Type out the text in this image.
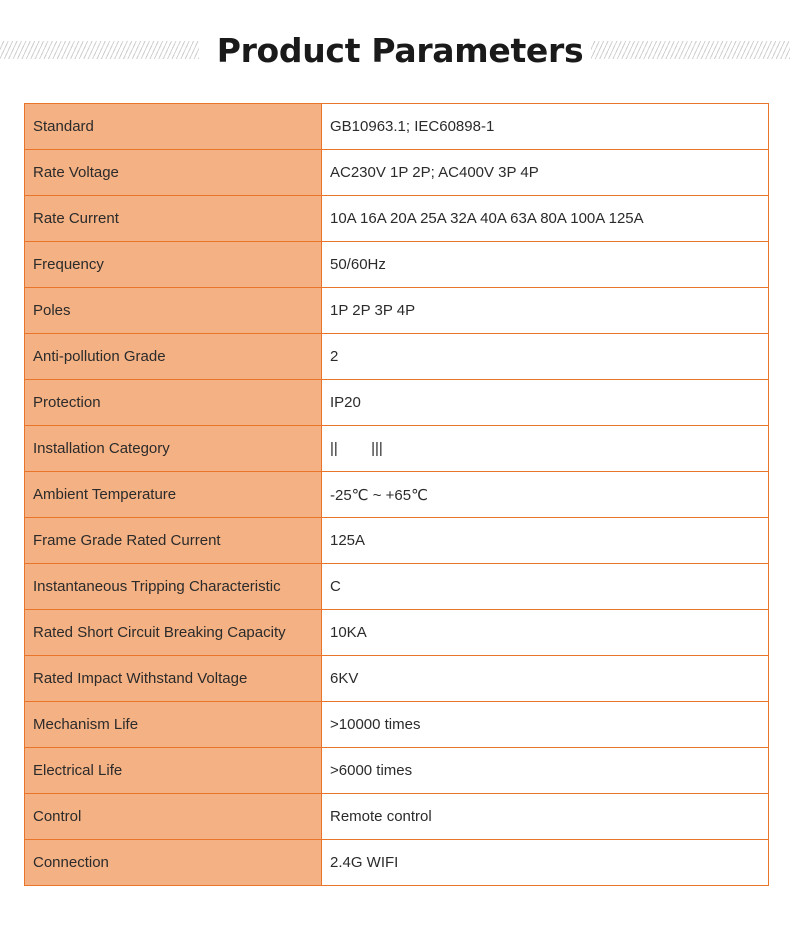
Product Parameters
Standard	GB10963.1; IEC60898-1
Rate Voltage	AC230V 1P 2P; AC400V 3P 4P
Rate Current	10A 16A 20A 25A 32A 40A 63A 80A 100A 125A
Frequency	50/60Hz
Poles	1P 2P 3P 4P
Anti-pollution Grade	2
Protection	IP20
Installation Category	||        |||
Ambient Temperature	-25℃ ~ +65℃
Frame Grade Rated Current	125A
Instantaneous Tripping Characteristic	C
Rated Short Circuit Breaking Capacity	10KA
Rated Impact Withstand Voltage	6KV
Mechanism Life	>10000 times
Electrical Life	>6000 times
Control	Remote control
Connection	2.4G WIFI
